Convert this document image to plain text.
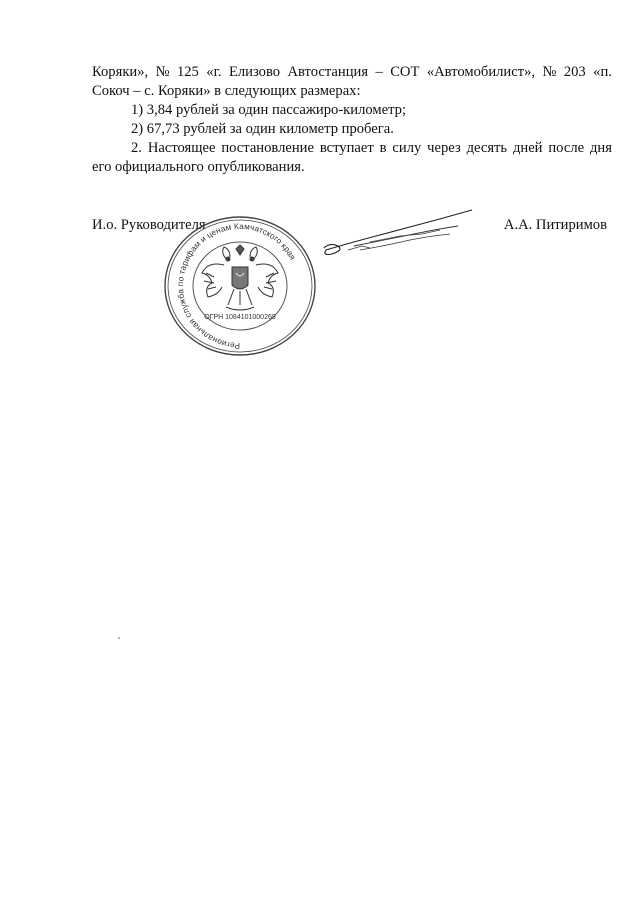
Коряки», № 125 «г. Елизово Автостанция – СОТ «Автомобилист», № 203 «п.
Сокоч – с. Коряки» в следующих размерах:
1) 3,84 рублей за один пассажиро-километр;
2) 67,73 рублей за один километр пробега.
2. Настоящее постановление вступает в силу через десять дней после дня
его официального опубликования.
И.о. Руководителя	А.А. Питиримов
Региональная служба по тарифам и ценам Камчатского края
ОГРН 1084101000269
